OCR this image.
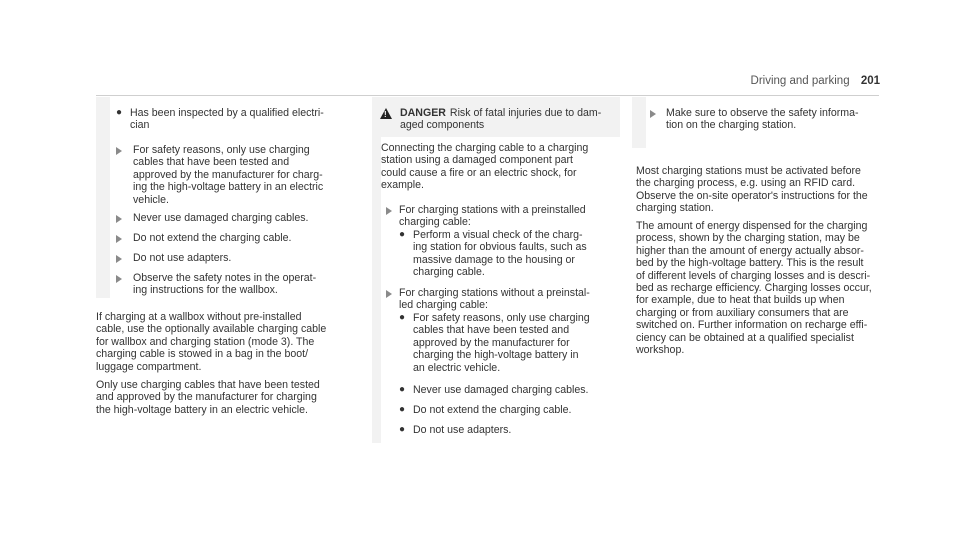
Driving and parking 201
● Has been inspected by a qualified electri-
cian
For safety reasons, only use charging
cables that have been tested and
approved by the manufacturer for charg-
ing the high-voltage battery in an electric
vehicle.
Never use damaged charging cables.
Do not extend the charging cable.
Do not use adapters.
Observe the safety notes in the operat-
ing instructions for the wallbox.
If charging at a wallbox without pre-installed
cable, use the optionally available charging cable
for wallbox and charging station (mode 3). The
charging cable is stowed in a bag in the boot/
luggage compartment.
Only use charging cables that have been tested
and approved by the manufacturer for charging
the high-voltage battery in an electric vehicle.
!
DANGER Risk of fatal injuries due to dam-
aged components
Connecting the charging cable to a charging
station using a damaged component part
could cause a fire or an electric shock, for
example.
For charging stations with a preinstalled
charging cable:
● Perform a visual check of the charg-
ing station for obvious faults, such as
massive damage to the housing or
charging cable.
For charging stations without a preinstal-
led charging cable:
● For safety reasons, only use charging
cables that have been tested and
approved by the manufacturer for
charging the high-voltage battery in
an electric vehicle.
● Never use damaged charging cables.
● Do not extend the charging cable.
● Do not use adapters.
Make sure to observe the safety informa-
tion on the charging station.
Most charging stations must be activated before
the charging process, e.g. using an RFID card.
Observe the on-site operator's instructions for the
charging station.
The amount of energy dispensed for the charging
process, shown by the charging station, may be
higher than the amount of energy actually absor-
bed by the high-voltage battery. This is the result
of different levels of charging losses and is descri-
bed as recharge efficiency. Charging losses occur,
for example, due to heat that builds up when
charging or from auxiliary consumers that are
switched on. Further information on recharge effi-
ciency can be obtained at a qualified specialist
workshop.
